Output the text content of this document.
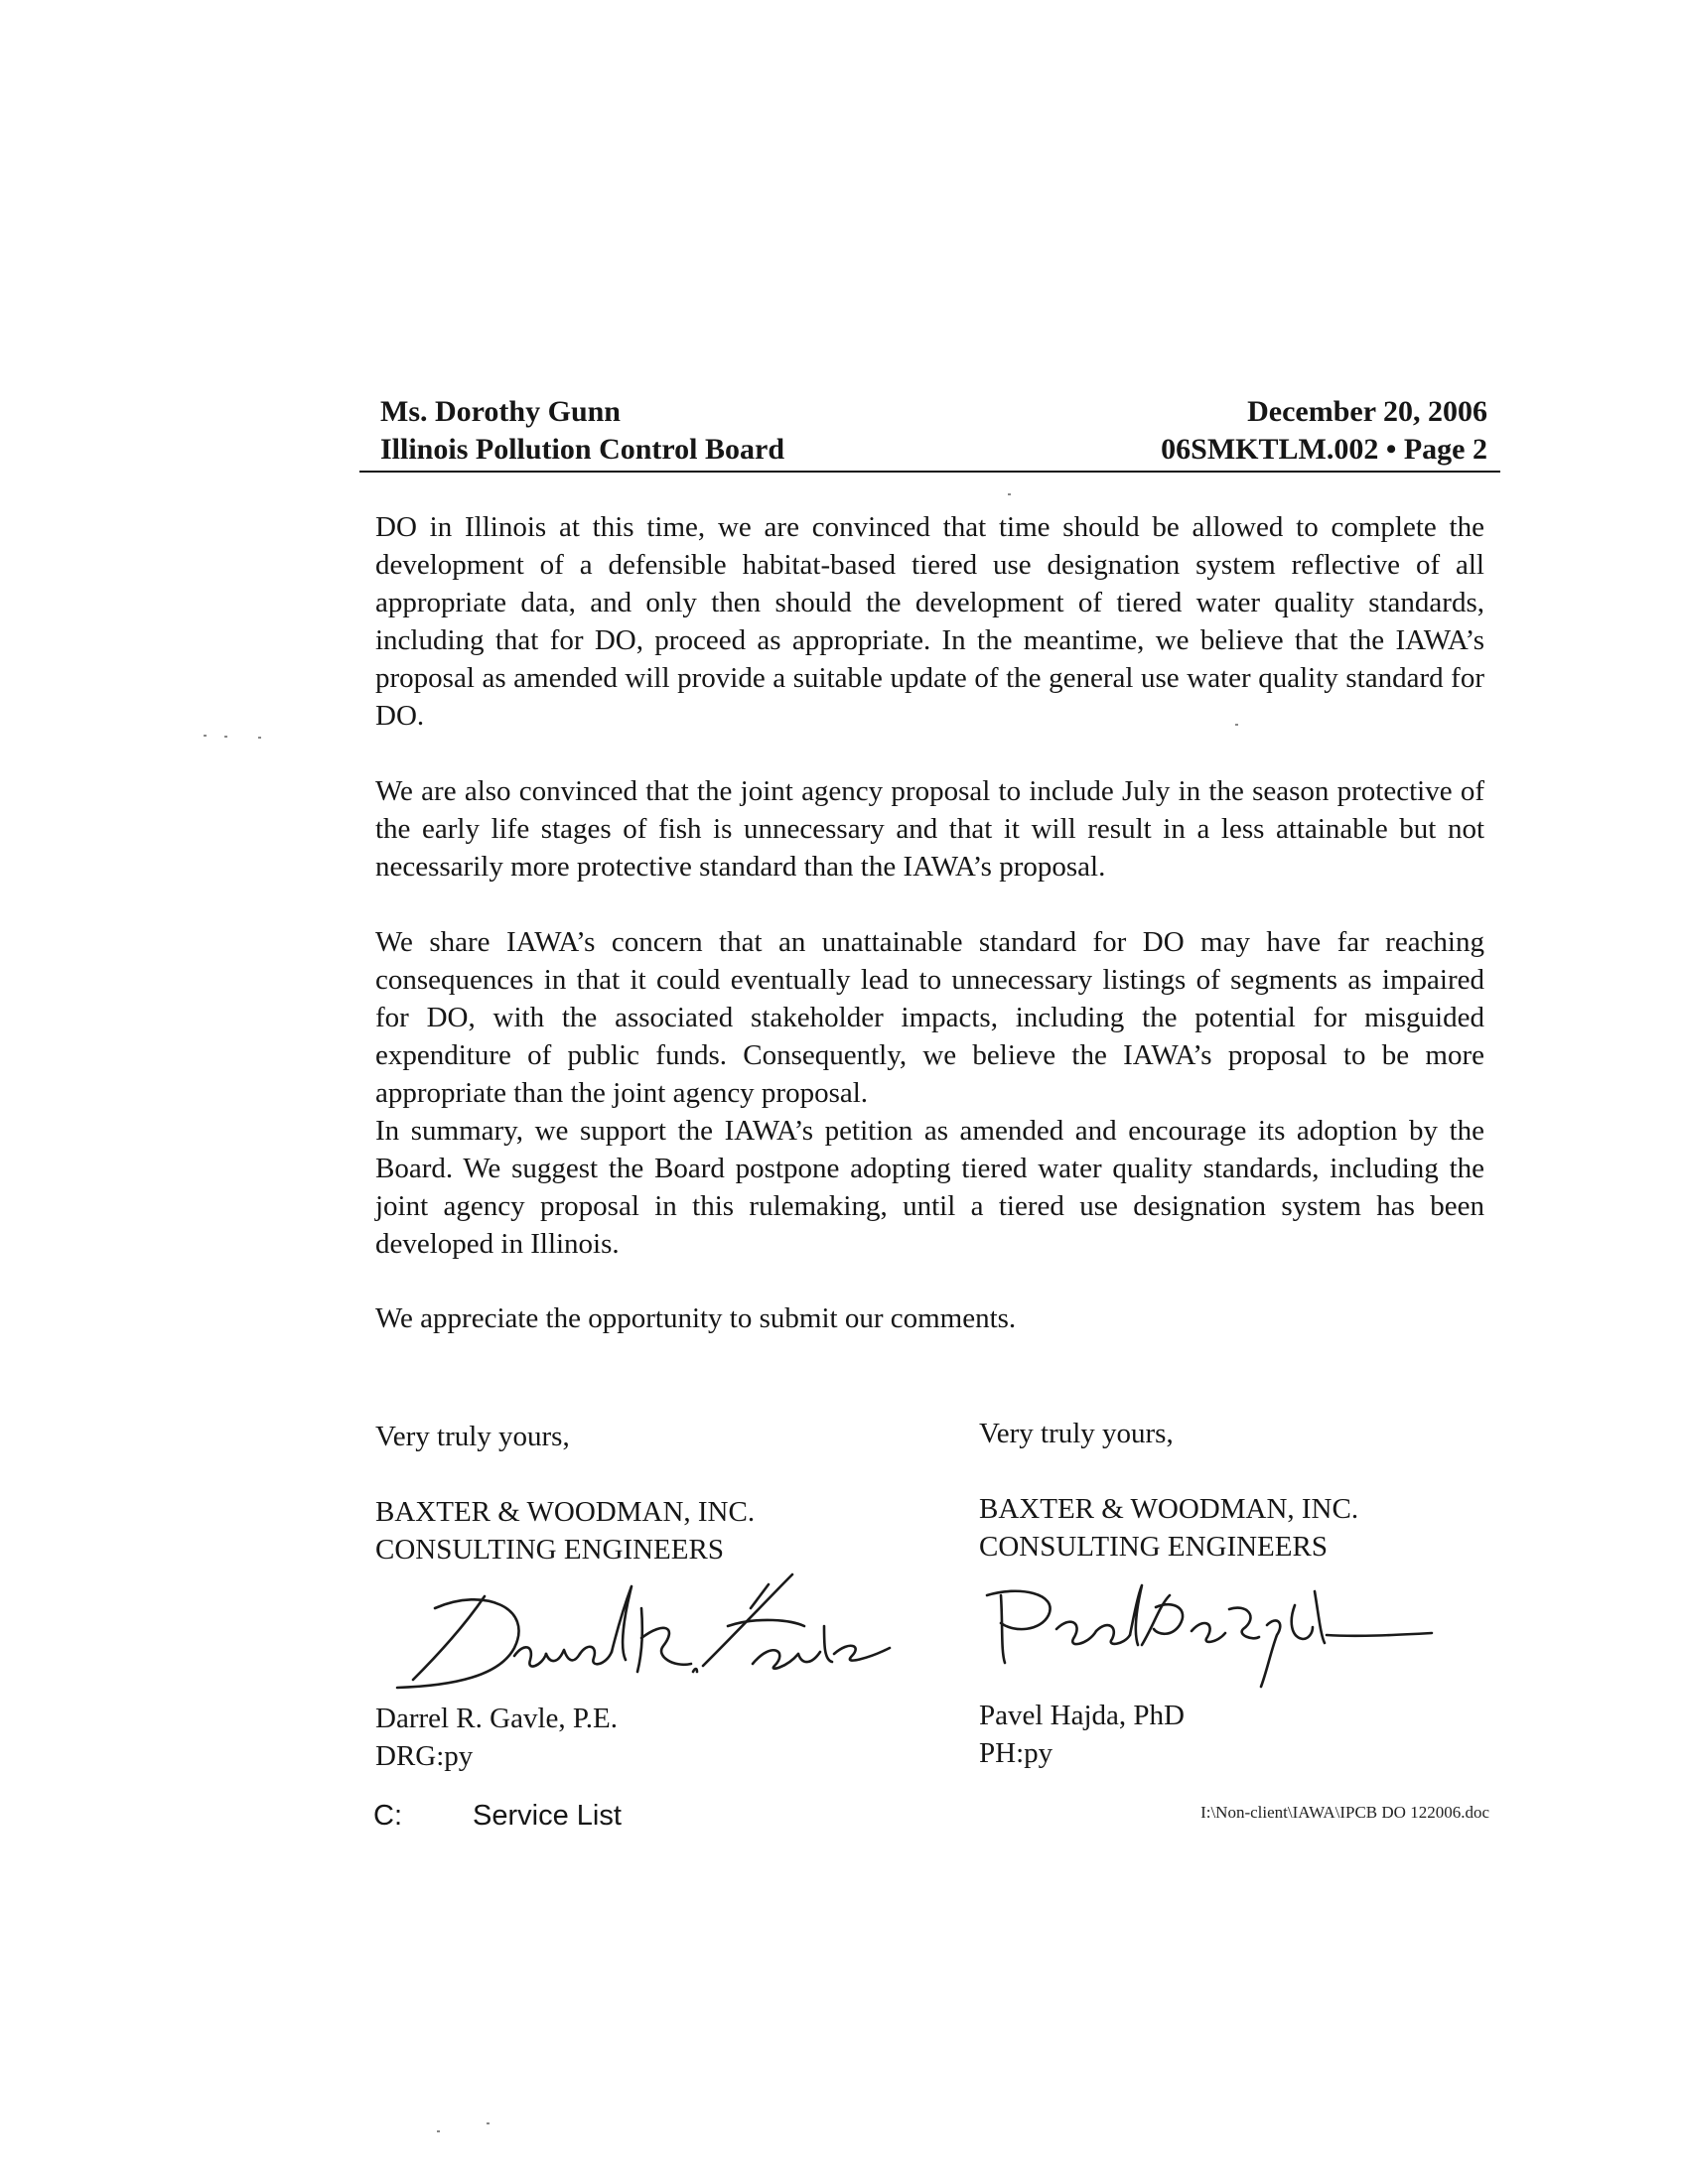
Ms. Dorothy Gunn
Illinois Pollution Control Board
December 20, 2006
06SMKTLM.002 • Page 2

DO in Illinois at this time, we are convinced that time should be allowed to complete the development of a defensible habitat-based tiered use designation system reflective of all appropriate data, and only then should the development of tiered water quality standards, including that for DO, proceed as appropriate. In the meantime, we believe that the IAWA’s proposal as amended will provide a suitable update of the general use water quality standard for DO.

We are also convinced that the joint agency proposal to include July in the season protective of the early life stages of fish is unnecessary and that it will result in a less attainable but not necessarily more protective standard than the IAWA’s proposal.

We share IAWA’s concern that an unattainable standard for DO may have far reaching consequences in that it could eventually lead to unnecessary listings of segments as impaired for DO, with the associated stakeholder impacts, including the potential for misguided expenditure of public funds. Consequently, we believe the IAWA’s proposal to be more appropriate than the joint agency proposal.

In summary, we support the IAWA’s petition as amended and encourage its adoption by the Board. We suggest the Board postpone adopting tiered water quality standards, including the joint agency proposal in this rulemaking, until a tiered use designation system has been developed in Illinois.

We appreciate the opportunity to submit our comments.

Very truly yours,
BAXTER & WOODMAN, INC.
CONSULTING ENGINEERS
Darrel R. Gavle, P.E.
DRG:py
Very truly yours,
BAXTER & WOODMAN, INC.
CONSULTING ENGINEERS
Pavel Hajda, PhD
PH:py
C: Service List	I:\Non-client\IAWA\IPCB DO 122006.doc
